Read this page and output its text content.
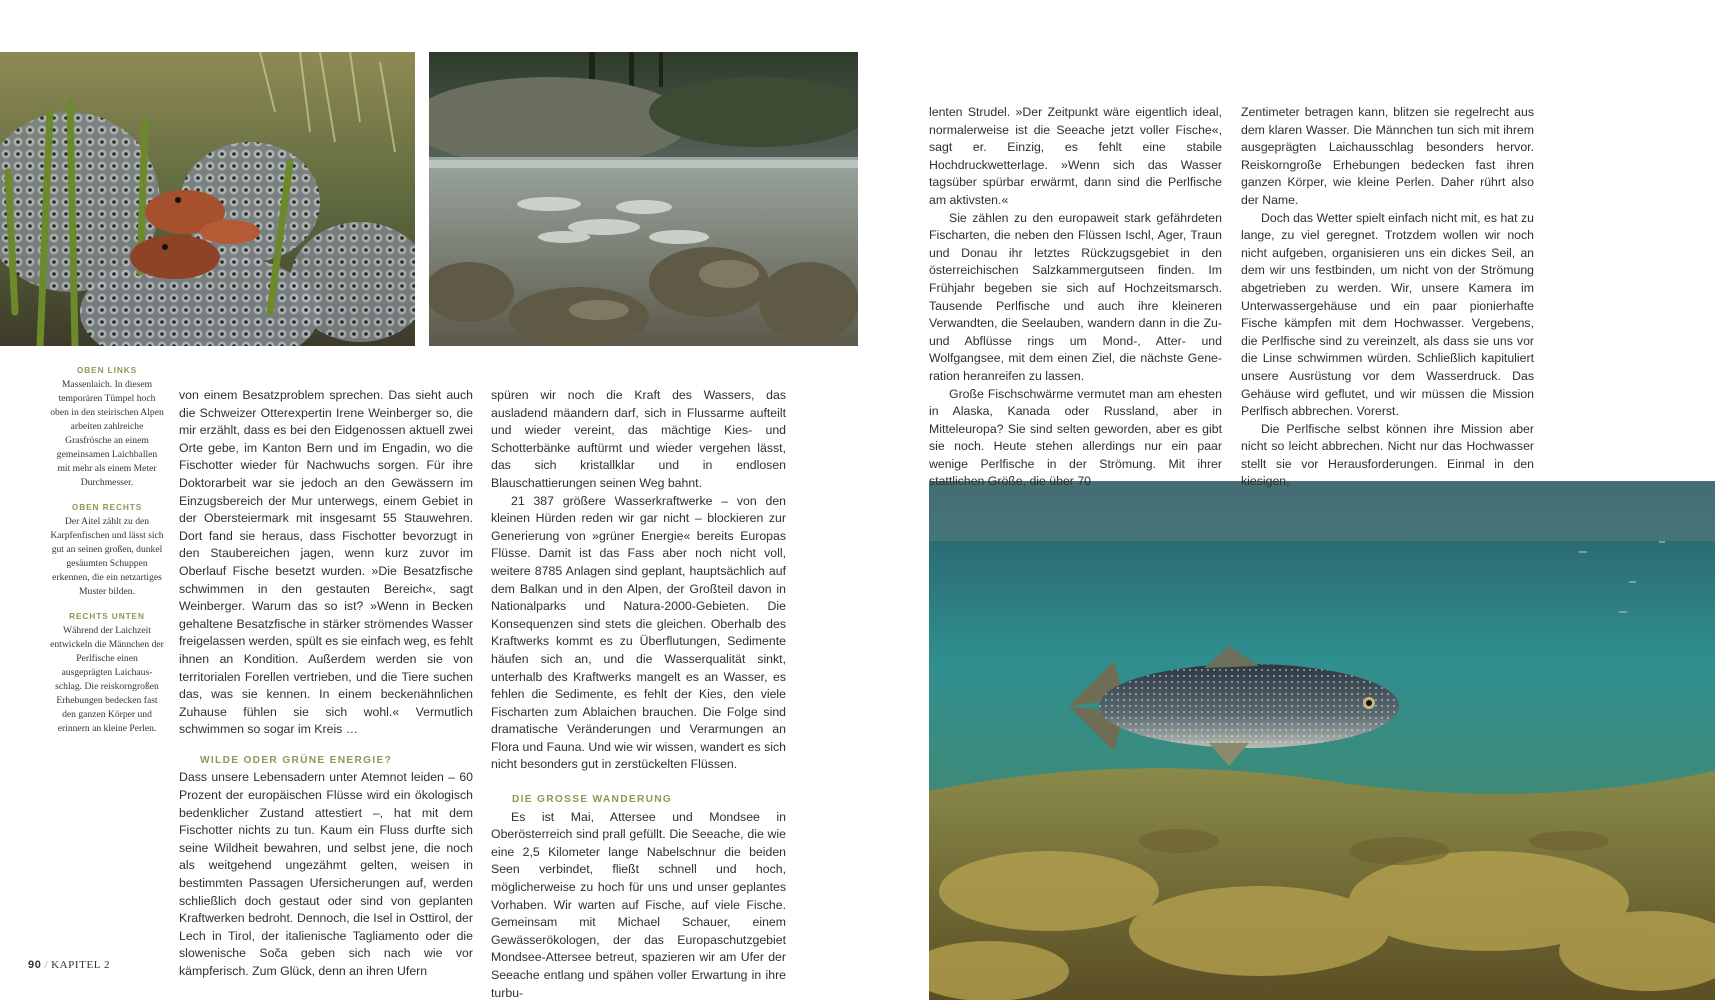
OBEN LINKS
Massenlaich. In diesem temporären Tümpel hoch oben in den steirischen Alpen arbeiten zahlreiche Grasfrösche an einem gemeinsamen Laichballen mit mehr als einem Meter Durchmesser.
OBEN RECHTS
Der Aitel zählt zu den Karpfenfischen und lässt sich gut an seinen großen, dunkel gesäumten Schuppen erkennen, die ein netzartiges Muster bilden.
RECHTS UNTEN
Während der Laichzeit entwickeln die Männchen der Perlfische einen ausgeprägten Laichausschlag. Die reiskorngroßen Erhebungen bedecken fast den ganzen Körper und erinnern an kleine Perlen.

von einem Besatzproblem sprechen. Das sieht auch die Schweizer Otterexpertin Irene Weinberger so, die mir erzählt, dass es bei den Eidgenossen aktuell zwei Orte gebe, im Kanton Bern und im Engadin, wo die Fischotter wieder für Nachwuchs sorgen. Für ihre Doktorarbeit war sie jedoch an den Gewässern im Einzugsbereich der Mur unterwegs, einem Gebiet in der Obersteiermark mit insgesamt 55 Stauwehren. Dort fand sie heraus, dass Fischotter bevorzugt in den Staubereichen jagen, wenn kurz zuvor im Oberlauf Fische besetzt wurden. »Die Besatzfische schwimmen in den gestauten Bereich«, sagt Weinberger. Warum das so ist? »Wenn in Becken gehaltene Besatzfische in stärker strömendes Wasser freigelassen werden, spült es sie einfach weg, es fehlt ihnen an Kondition. Außerdem werden sie von territorialen Forellen vertrieben, und die Tiere suchen das, was sie kennen. In einem beckenähnlichen Zuhause fühlen sie sich wohl.« Vermutlich schwimmen so sogar im Kreis …

WILDE ODER GRÜNE ENERGIE?

Dass unsere Lebensadern unter Atemnot leiden – 60 Prozent der europäischen Flüsse wird ein ökologisch bedenklicher Zustand attestiert –, hat mit dem Fischotter nichts zu tun. Kaum ein Fluss durfte sich seine Wildheit bewahren, und selbst jene, die noch als weitgehend ungezähmt gelten, weisen in bestimmten Passagen Ufersicherungen auf, werden schließlich doch gestaut oder sind von geplanten Kraftwerken bedroht. Dennoch, die Isel in Osttirol, der Lech in Tirol, der italienische Tagliamento oder die slowenische Soča geben sich nach wie vor kämpferisch. Zum Glück, denn an ihren Ufern

spüren wir noch die Kraft des Wassers, das ausladend mäandern darf, sich in Flussarme aufteilt und wieder vereint, das mächtige Kies- und Schotterbänke auftürmt und wieder vergehen lässt, das sich kristallklar und in endlosen Blauschattierungen seinen Weg bahnt.

21 387 größere Wasserkraftwerke – von den kleinen Hürden reden wir gar nicht – blockieren zur Generierung von »grüner Energie« bereits Europas Flüsse. Damit ist das Fass aber noch nicht voll, weitere 8785 Anlagen sind geplant, hauptsächlich auf dem Balkan und in den Alpen, der Großteil davon in Nationalparks und Natura-2000-Gebieten. Die Konsequenzen sind stets die gleichen. Oberhalb des Kraftwerks kommt es zu Überflutungen, Sedimente häufen sich an, und die Wasserqualität sinkt, unterhalb des Kraftwerks mangelt es an Wasser, es fehlen die Sedimente, es fehlt der Kies, den viele Fischarten zum Ablaichen brauchen. Die Folge sind dramatische Veränderungen und Verarmungen an Flora und Fauna. Und wie wir wissen, wandert es sich nicht besonders gut in zerstückelten Flüssen.

DIE GROSSE WANDERUNG

Es ist Mai, Attersee und Mondsee in Oberösterreich sind prall gefüllt. Die Seeache, die wie eine 2,5 Kilometer lange Nabelschnur die beiden Seen verbindet, fließt schnell und hoch, möglicherweise zu hoch für uns und unser geplantes Vorhaben. Wir warten auf Fische, auf viele Fische. Gemeinsam mit Michael Schauer, einem Gewässerökologen, der das Europaschutzgebiet Mondsee-Attersee betreut, spazieren wir am Ufer der Seeache entlang und spähen voller Erwartung in ihre turbu-

lenten Strudel. »Der Zeitpunkt wäre eigentlich ideal, normalerweise ist die Seeache jetzt voller Fische«, sagt er. Einzig, es fehlt eine stabile Hochdruckwetterlage. »Wenn sich das Wasser tagsüber spürbar erwärmt, dann sind die Perlfische am aktivsten.«

Sie zählen zu den europaweit stark gefährdeten Fischarten, die neben den Flüssen Ischl, Ager, Traun und Donau ihr letztes Rückzugsgebiet in den österreichischen Salzkammergutseen finden. Im Frühjahr begeben sie sich auf Hochzeitsmarsch. Tausende Perlfische und auch ihre kleineren Verwandten, die Seelauben, wandern dann in die Zu- und Abflüsse rings um Mond-, Atter- und Wolfgangsee, mit dem einen Ziel, die nächste Generation heranreifen zu lassen.

Große Fischschwärme vermutet man am ehesten in Alaska, Kanada oder Russland, aber in Mitteleuropa? Sie sind selten geworden, aber es gibt sie noch. Heute stehen allerdings nur ein paar wenige Perlfische in der Strömung. Mit ihrer stattlichen Größe, die über 70

Zentimeter betragen kann, blitzen sie regelrecht aus dem klaren Wasser. Die Männchen tun sich mit ihrem ausgeprägten Laichausschlag besonders hervor. Reiskorngroße Erhebungen bedecken fast ihren ganzen Körper, wie kleine Perlen. Daher rührt also der Name.

Doch das Wetter spielt einfach nicht mit, es hat zu lange, zu viel geregnet. Trotzdem wollen wir noch nicht aufgeben, organisieren uns ein dickes Seil, an dem wir uns festbinden, um nicht von der Strömung abgetrieben zu werden. Wir, unsere Kamera im Unterwassergehäuse und ein paar pionierhafte Fische kämpfen mit dem Hochwasser. Vergebens, die Perlfische sind zu vereinzelt, als dass sie uns vor die Linse schwimmen würden. Schließlich kapituliert unsere Ausrüstung vor dem Wasserdruck. Das Gehäuse wird geflutet, und wir müssen die Mission Perlfisch abbrechen. Vorerst.

Die Perlfische selbst können ihre Mission aber nicht so leicht abbrechen. Nicht nur das Hochwasser stellt sie vor Herausforderungen. Einmal in den kiesigen,

90 / KAPITEL 2
